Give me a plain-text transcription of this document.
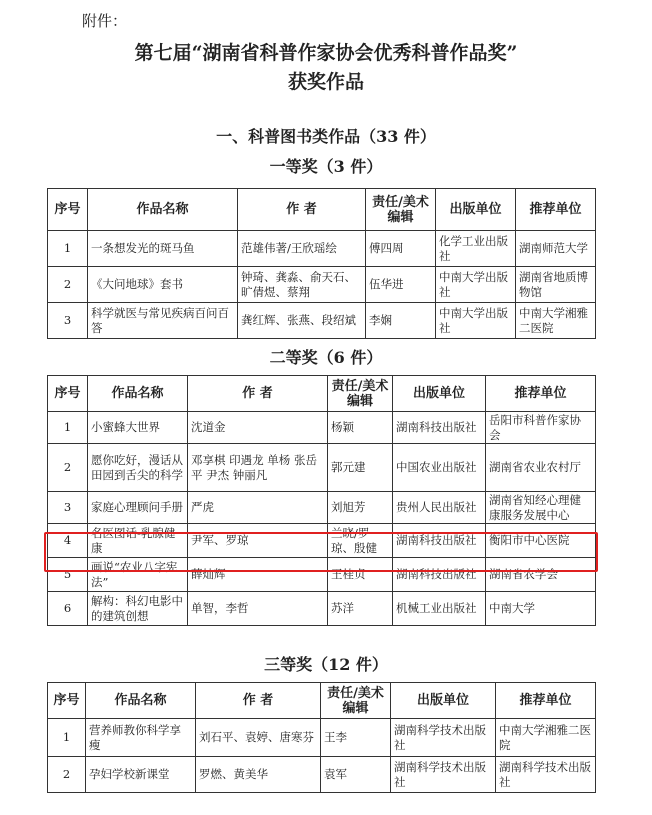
附件：
第七届“湖南省科普作家协会优秀科普作品奖”
获奖作品
一、科普图书类作品（33 件）
一等奖（3 件）
序号	作品名称	作 者	责任/美术编辑	出版单位	推荐单位
1	一条想发光的斑马鱼	范雄伟著/王欣瑶绘	傅四周	化学工业出版社	湖南师范大学
2	《大问地球》套书	钟琦、龚淼、俞天石、旷倩煜、蔡翔	伍华进	中南大学出版社	湖南省地质博物馆
3	科学就医与常见疾病百问百答	龚红辉、张燕、段绍斌	李娴	中南大学出版社	中南大学湘雅二医院
二等奖（6 件）
序号	作品名称	作 者	责任/美术编辑	出版单位	推荐单位
1	小蜜蜂大世界	沈道金	杨颖	湖南科技出版社	岳阳市科普作家协会
2	愿你吃好，漫话从田园到舌尖的科学	邓享棋 印遇龙 单杨 张岳平 尹杰 钟丽凡	郭元建	中国农业出版社	湖南省农业农村厅
3	家庭心理顾问手册	严虎	刘旭芳	贵州人民出版社	湖南省知经心理健康服务发展中心
4	名医图话-乳腺健康	尹军、罗琼	兰晓/罗琼、殷健	湖南科技出版社	衡阳市中心医院
5	画说“农业八字宪法”	薛灿辉	王桂贞	湖南科技出版社	湖南省农学会
6	解构：科幻电影中的建筑创想	单智，李哲	苏洋	机械工业出版社	中南大学
三等奖（12 件）
序号	作品名称	作 者	责任/美术编辑	出版单位	推荐单位
1	营养师教你科学享瘦	刘石平、袁婷、唐寒芬	王李	湖南科学技术出版社	中南大学湘雅二医院
2	孕妇学校新课堂	罗燃、黄美华	袁军	湖南科学技术出版社	湖南科学技术出版社
